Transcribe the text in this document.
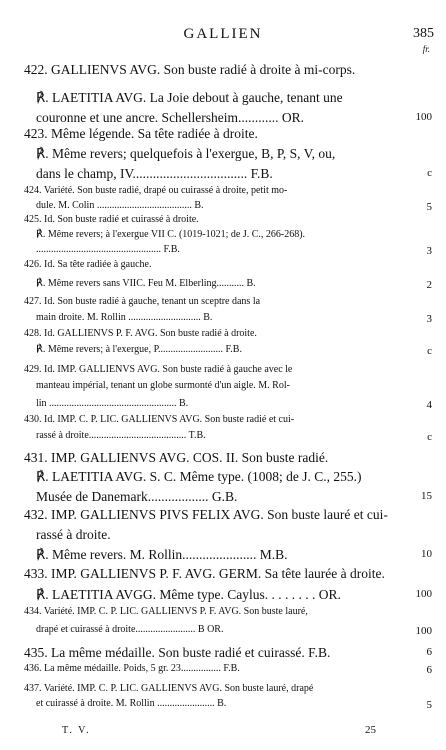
GALLIEN	385
fr.
422. GALLIENVS AVG. Son buste radié à droite à mi-corps.
℟. LAETITIA AVG. La Joie debout à gauche, tenant une
couronne et une ancre. Schellersheim............ OR.	100
423. Même légende. Sa tête radiée à droite.
℟. Même revers; quelquefois à l'exergue, B, P, S, V, ou,
dans le champ, IV.................................. F.B.	c
424. Variété. Son buste radié, drapé ou cuirassé à droite, petit mo-
dule. M. Colin ...................................... B.	5
425. Id. Son buste radié et cuirassé à droite.
℟. Même revers; à l'exergue VII C. (1019-1021; de J. C., 266-268).
.................................................. F.B.	3
426. Id. Sa tête radiée à gauche.
℟. Même revers sans VIIC. Feu M. Elberling........... B.	2
427. Id. Son buste radié à gauche, tenant un sceptre dans la
main droite. M. Rollin ............................. B.	3
428. Id. GALLIENVS P. F. AVG. Son buste radié à droite.
℟. Même revers; à l'exergue, P.......................... F.B.	c
429. Id. IMP. GALLIENVS AVG. Son buste radié à gauche avec le
manteau impérial, tenant un globe surmonté d'un aigle. M. Rol-
lin ................................................... B.	4
430. Id. IMP. C. P. LIC. GALLIENVS AVG. Son buste radié et cui-
rassé à droite....................................... T.B.	c
431. IMP. GALLIENVS AVG. COS. II. Son buste radié.
℟. LAETITIA AVG. S. C. Même type. (1008; de J. C., 255.)
Musée de Danemark.................. G.B.	15
432. IMP. GALLIENVS PIVS FELIX AVG. Son buste lauré et cui-
rassé à droite.
℟. Même revers. M. Rollin...................... M.B.	10
433. IMP. GALLIENVS P. F. AVG. GERM. Sa tête laurée à droite.
℟. LAETITIA AVGG. Même type. Caylus. . . . . . . . OR.	100
434. Variété. IMP. C. P. LIC. GALLIENVS P. F. AVG. Son buste lauré,
drapé et cuirassé à droite........................ B OR.	100
435. La même médaille. Son buste radié et cuirassé. F.B.	6
436. La même médaille. Poids, 5 gr. 23................ F.B.	6
437. Variété. IMP. C. P. LIC. GALLIENVS AVG. Son buste lauré, drapé
et cuirassé à droite. M. Rollin ....................... B.	5
T. V.	25
